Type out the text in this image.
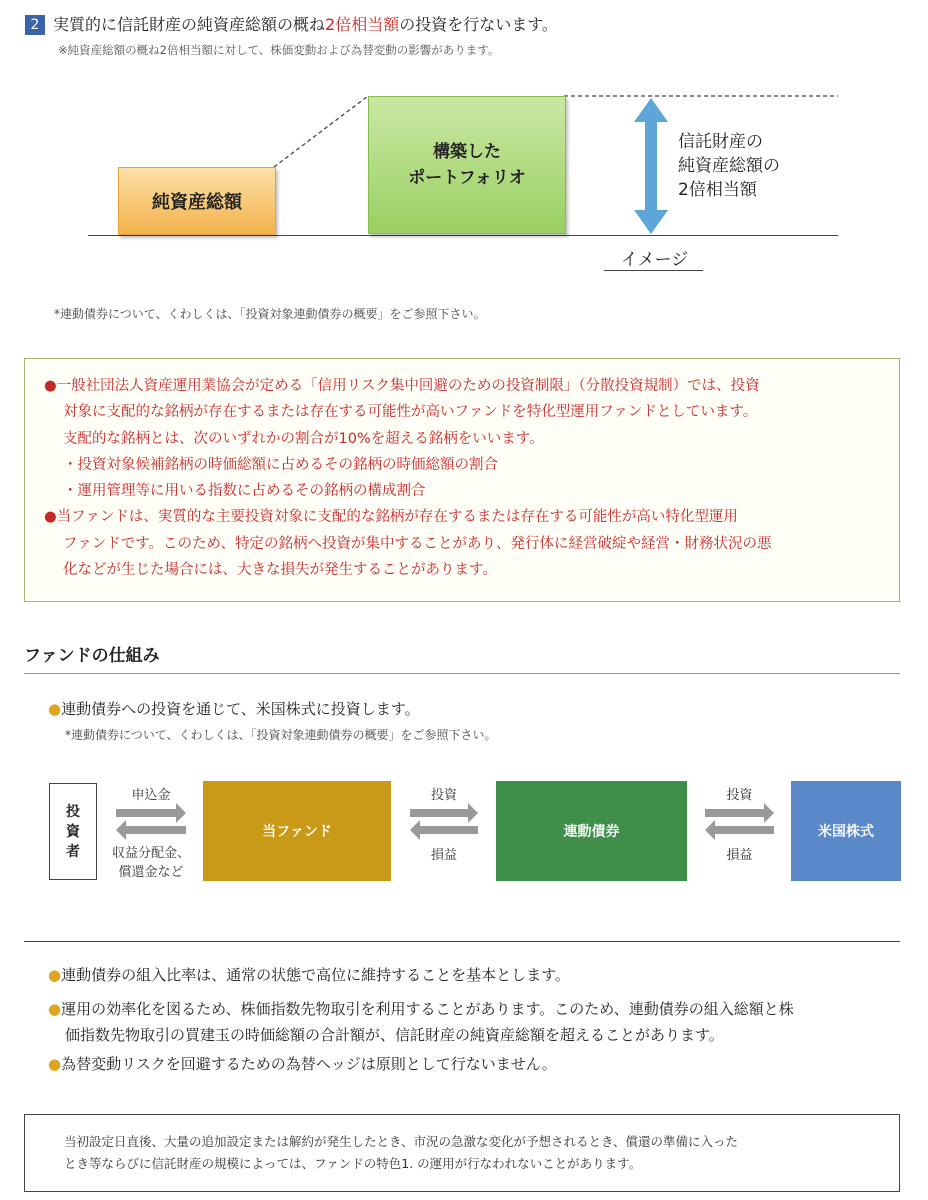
2 実質的に信託財産の純資産総額の概ね2倍相当額の投資を行ないます。
※純資産総額の概ね2倍相当額に対して、株価変動および為替変動の影響があります。
純資産総額
構築した
ポートフォリオ
信託財産の
純資産総額の
2倍相当額
イメージ
*連動債券について、くわしくは、「投資対象連動債券の概要」をご参照下さい。

●一般社団法人資産運用業協会が定める「信用リスク集中回避のための投資制限」（分散投資規制）では、投資

対象に支配的な銘柄が存在するまたは存在する可能性が高いファンドを特化型運用ファンドとしています。

支配的な銘柄とは、次のいずれかの割合が10%を超える銘柄をいいます。

・投資対象候補銘柄の時価総額に占めるその銘柄の時価総額の割合

・運用管理等に用いる指数に占めるその銘柄の構成割合

●当ファンドは、実質的な主要投資対象に支配的な銘柄が存在するまたは存在する可能性が高い特化型運用

ファンドです。このため、特定の銘柄へ投資が集中することがあり、発行体に経営破綻や経営・財務状況の悪

化などが生じた場合には、大きな損失が発生することがあります。

ファンドの仕組み
●連動債券への投資を通じて、米国株式に投資します。
*連動債券について、くわしくは、「投資対象連動債券の概要」をご参照下さい。
投
資
者
当ファンド	連動債券	米国株式
申込金
収益分配金、
償還金など
投資
損益
投資
損益
●連動債券の組入比率は、通常の状態で高位に維持することを基本とします。
●運用の効率化を図るため、株価指数先物取引を利用することがあります。このため、連動債券の組入総額と株
価指数先物取引の買建玉の時価総額の合計額が、信託財産の純資産総額を超えることがあります。
●為替変動リスクを回避するための為替ヘッジは原則として行ないません。
当初設定日直後、大量の追加設定または解約が発生したとき、市況の急激な変化が予想されるとき、償還の準備に入った
とき等ならびに信託財産の規模によっては、ファンドの特色1. の運用が行なわれないことがあります。
